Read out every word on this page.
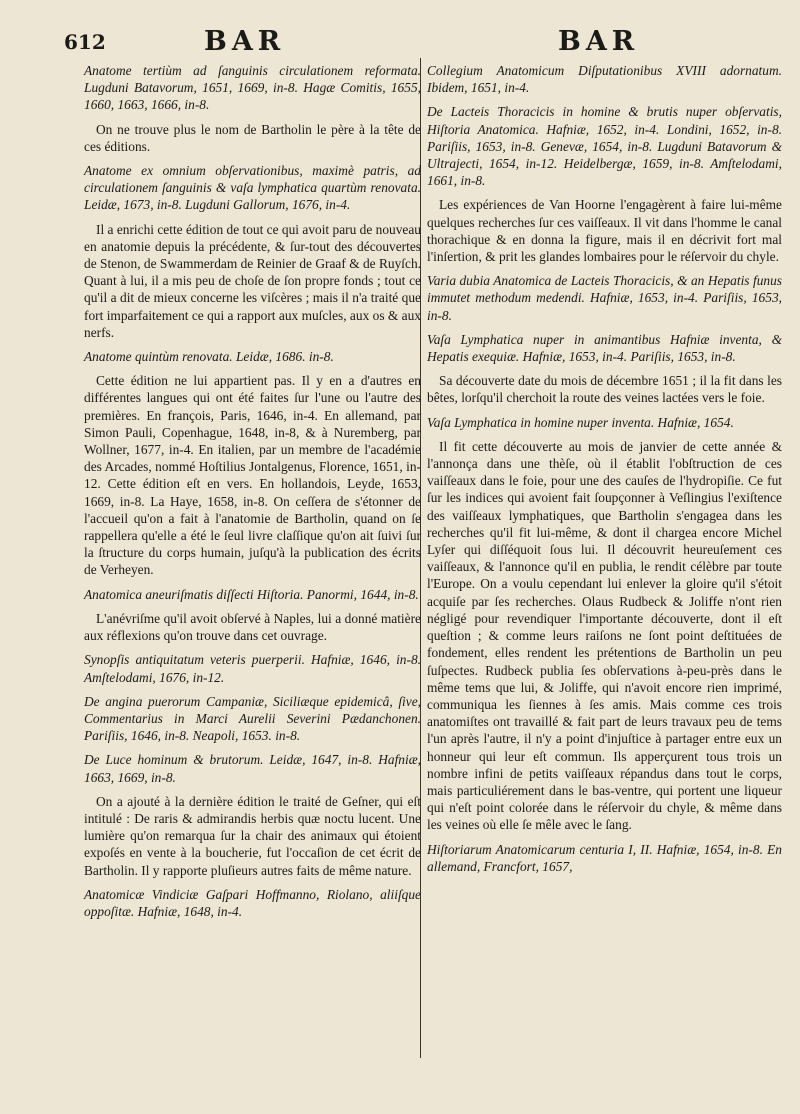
612	BAR	BAR

Anatome tertiùm ad ſanguinis circulationem reformata. Lugduni Batavorum, 1651, 1669, in-8. Hagæ Comitis, 1655, 1660, 1663, 1666, in-8.

On ne trouve plus le nom de Bartholin le père à la tête de ces éditions.

Anatome ex omnium obſervationibus, maximè patris, ad circulationem ſanguinis & vaſa lymphatica quartùm renovata. Leidæ, 1673, in-8. Lugduni Gallorum, 1676, in-4.

Il a enrichi cette édition de tout ce qui avoit paru de nouveau en anatomie depuis la précédente, & ſur-tout des découvertes de Stenon, de Swammerdam de Reinier de Graaf & de Ruyſch. Quant à lui, il a mis peu de choſe de ſon propre fonds ; tout ce qu'il a dit de mieux concerne les viſcères ; mais il n'a traité que fort imparfaitement ce qui a rapport aux muſcles, aux os & aux nerfs.

Anatome quintùm renovata. Leidæ, 1686. in-8.

Cette édition ne lui appartient pas. Il y en a d'autres en différentes langues qui ont été faites ſur l'une ou l'autre des premières. En françois, Paris, 1646, in-4. En allemand, par Simon Pauli, Copenhague, 1648, in-8, & à Nuremberg, par Wollner, 1677, in-4. En italien, par un membre de l'académie des Arcades, nommé Hoſtilius Jontalgenus, Florence, 1651, in-12. Cette édition eſt en vers. En hollandois, Leyde, 1653, 1669, in-8. La Haye, 1658, in-8. On ceſſera de s'étonner de l'accueil qu'on a fait à l'anatomie de Bartholin, quand on ſe rappellera qu'elle a été le ſeul livre claſſique qu'on ait ſuivi ſur la ſtructure du corps humain, juſqu'à la publication des écrits de Verheyen.

Anatomica aneuriſmatis diſſecti Hiſtoria. Panormi, 1644, in-8.

L'anévriſme qu'il avoit obſervé à Naples, lui a donné matière aux réflexions qu'on trouve dans cet ouvrage.

Synopſis antiquitatum veteris puerperii. Hafniæ, 1646, in-8. Amſtelodami, 1676, in-12.

De angina puerorum Campaniæ, Siciliæque epidemicâ, ſive, Commentarius in Marci Aurelii Severini Pædanchonen. Pariſiis, 1646, in-8. Neapoli, 1653. in-8.

De Luce hominum & brutorum. Leidæ, 1647, in-8. Hafniæ, 1663, 1669, in-8.

On a ajouté à la dernière édition le traité de Geſner, qui eſt intitulé : De raris & admirandis herbis quæ noctu lucent. Une lumière qu'on remarqua ſur la chair des animaux qui étoient expoſés en vente à la boucherie, fut l'occaſion de cet écrit de Bartholin. Il y rapporte pluſieurs autres faits de même nature.

Anatomicæ Vindiciæ Gaſpari Hoffmanno, Riolano, aliiſque oppoſitæ. Hafniæ, 1648, in-4.

Collegium Anatomicum Diſputationibus XVIII adornatum. Ibidem, 1651, in-4.

De Lacteis Thoracicis in homine & brutis nuper obſervatis, Hiſtoria Anatomica. Hafniæ, 1652, in-4. Londini, 1652, in-8. Pariſiis, 1653, in-8. Genevæ, 1654, in-8. Lugduni Batavorum & Ultrajecti, 1654, in-12. Heidelbergæ, 1659, in-8. Amſtelodami, 1661, in-8.

Les expériences de Van Hoorne l'engagèrent à faire lui-même quelques recherches ſur ces vaiſſeaux. Il vit dans l'homme le canal thorachique & en donna la figure, mais il en décrivit fort mal l'inſertion, & prit les glandes lombaires pour le réſervoir du chyle.

Varia dubia Anatomica de Lacteis Thoracicis, & an Hepatis funus immutet methodum medendi. Hafniæ, 1653, in-4. Pariſiis, 1653, in-8.

Vaſa Lymphatica nuper in animantibus Hafniæ inventa, & Hepatis exequiæ. Hafniæ, 1653, in-4. Pariſiis, 1653, in-8.

Sa découverte date du mois de décembre 1651 ; il la fit dans les bêtes, lorſqu'il cherchoit la route des veines lactées vers le foie.

Vaſa Lymphatica in homine nuper inventa. Hafniæ, 1654.

Il fit cette découverte au mois de janvier de cette année & l'annonça dans une thèſe, où il établit l'obſtruction de ces vaiſſeaux dans le foie, pour une des cauſes de l'hydropiſie. Ce fut ſur les indices qui avoient fait ſoupçonner à Veſlingius l'exiſtence des vaiſſeaux lymphatiques, que Bartholin s'engagea dans les recherches qu'il fit lui-même, & dont il chargea encore Michel Lyſer qui diſſéquoit ſous lui. Il découvrit heureuſement ces vaiſſeaux, & l'annonce qu'il en publia, le rendit célèbre par toute l'Europe. On a voulu cependant lui enlever la gloire qu'il s'étoit acquiſe par ſes recherches. Olaus Rudbeck & Joliffe n'ont rien négligé pour revendiquer l'importante découverte, dont il eſt queſtion ; & comme leurs raiſons ne ſont point deſtituées de fondement, elles rendent les prétentions de Bartholin un peu ſuſpectes. Rudbeck publia ſes obſervations à-peu-près dans le même tems que lui, & Joliffe, qui n'avoit encore rien imprimé, communiqua les ſiennes à ſes amis. Mais comme ces trois anatomiſtes ont travaillé & fait part de leurs travaux peu de tems l'un après l'autre, il n'y a point d'injuſtice à partager entre eux un honneur qui leur eſt commun. Ils apperçurent tous trois un nombre infini de petits vaiſſeaux répandus dans tout le corps, mais particuliérement dans le bas-ventre, qui portent une liqueur qui n'eſt point colorée dans le réſervoir du chyle, & même dans les veines où elle ſe mêle avec le ſang.

Hiſtoriarum Anatomicarum centuria I, II. Hafniæ, 1654, in-8. En allemand, Francfort, 1657,
